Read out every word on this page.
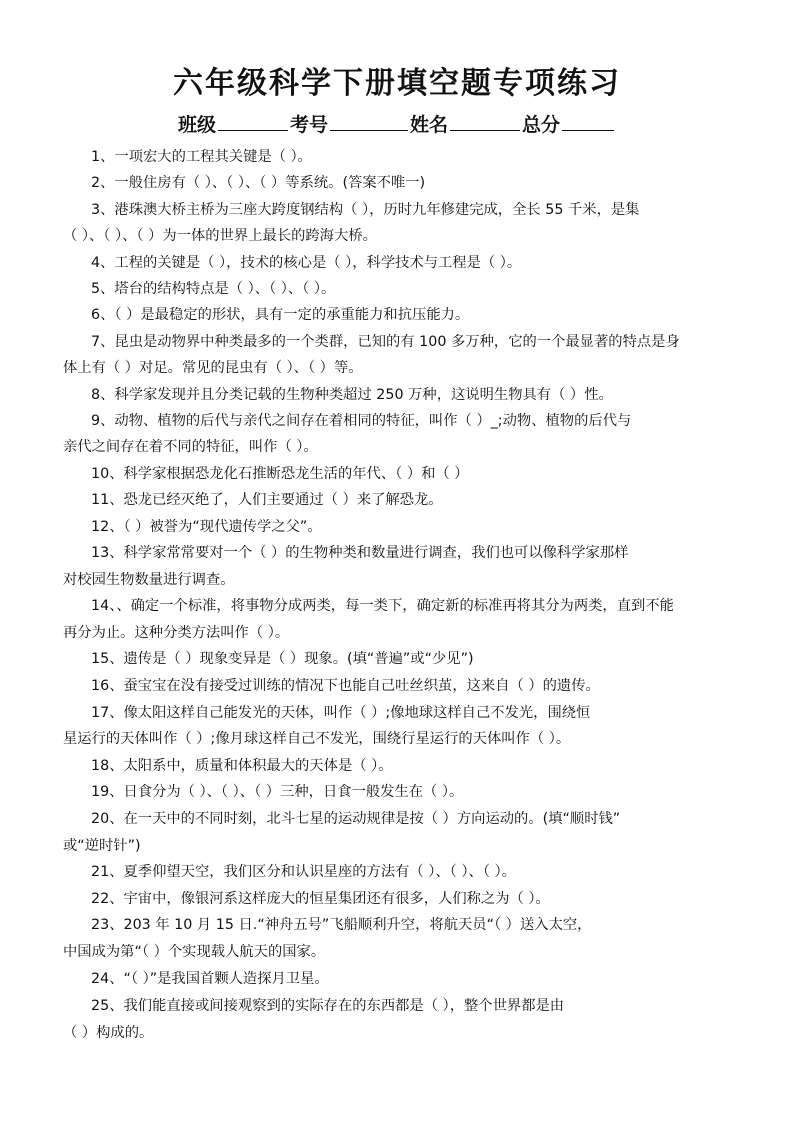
六年级科学下册填空题专项练习
班级	考号	姓名	总分
1、一项宏大的工程其关键是（ ）。
2、一般住房有（ ）、（ ）、（ ）等系统。(答案不唯一)
3、港珠澳大桥主桥为三座大跨度钢结构（ ），历时九年修建完成，全长 55 千米，是集
（ ）、（ ）、（ ）为一体的世界上最长的跨海大桥。
4、工程的关键是（ ），技术的核心是（ ），科学技术与工程是（ ）。
5、塔台的结构特点是（ ）、（ ）、（ ）。
6、（ ）是最稳定的形状，具有一定的承重能力和抗压能力。
7、昆虫是动物界中种类最多的一个类群，已知的有 100 多万种，它的一个最显著的特点是身
体上有（ ）对足。常见的昆虫有（ ）、（ ）等。
8、科学家发现并且分类记载的生物种类超过 250 万种，这说明生物具有（ ）性。
9、动物、植物的后代与亲代之间存在着相同的特征，叫作（ ）_;动物、植物的后代与
亲代之间存在着不同的特征，叫作（ ）。
10、科学家根据恐龙化石推断恐龙生活的年代、（ ）和（ ）
11、恐龙已经灭绝了，人们主要通过（ ）来了解恐龙。
12、（ ）被誉为“现代遗传学之父”。
13、科学家常常要对一个（ ）的生物种类和数量进行调查，我们也可以像科学家那样
对校园生物数量进行调查。
14、、确定一个标准，将事物分成两类，每一类下，确定新的标准再将其分为两类，直到不能
再分为止。这种分类方法叫作（ ）。
15、遗传是（ ）现象变异是（ ）现象。(填“普遍”或“少见”)
16、蚕宝宝在没有接受过训练的情况下也能自己吐丝织茧，这来自（ ）的遗传。
17、像太阳这样自己能发光的天体，叫作（ ）;像地球这样自己不发光，围绕恒
星运行的天体叫作（ ）;像月球这样自己不发光，围绕行星运行的天体叫作（ ）。
18、太阳系中，质量和体积最大的天体是（ ）。
19、日食分为（ ）、（ ）、（ ）三种，日食一般发生在（ ）。
20、在一天中的不同时刻，北斗七星的运动规律是按（ ）方向运动的。(填“顺时钱”
或“逆时针”)
21、夏季仰望天空，我们区分和认识星座的方法有（ ）、（ ）、（ ）。
22、宇宙中，像银河系这样庞大的恒星集团还有很多，人们称之为（ ）。
23、203 年 10 月 15 日.“神舟五号”飞船顺利升空，将航天员“（ ）送入太空，
中国成为第“（ ）个实现载人航天的国家。
24、“（ ）”是我国首颗人造探月卫星。
25、我们能直接或间接观察到的实际存在的东西都是（ ），整个世界都是由
（ ）构成的。
